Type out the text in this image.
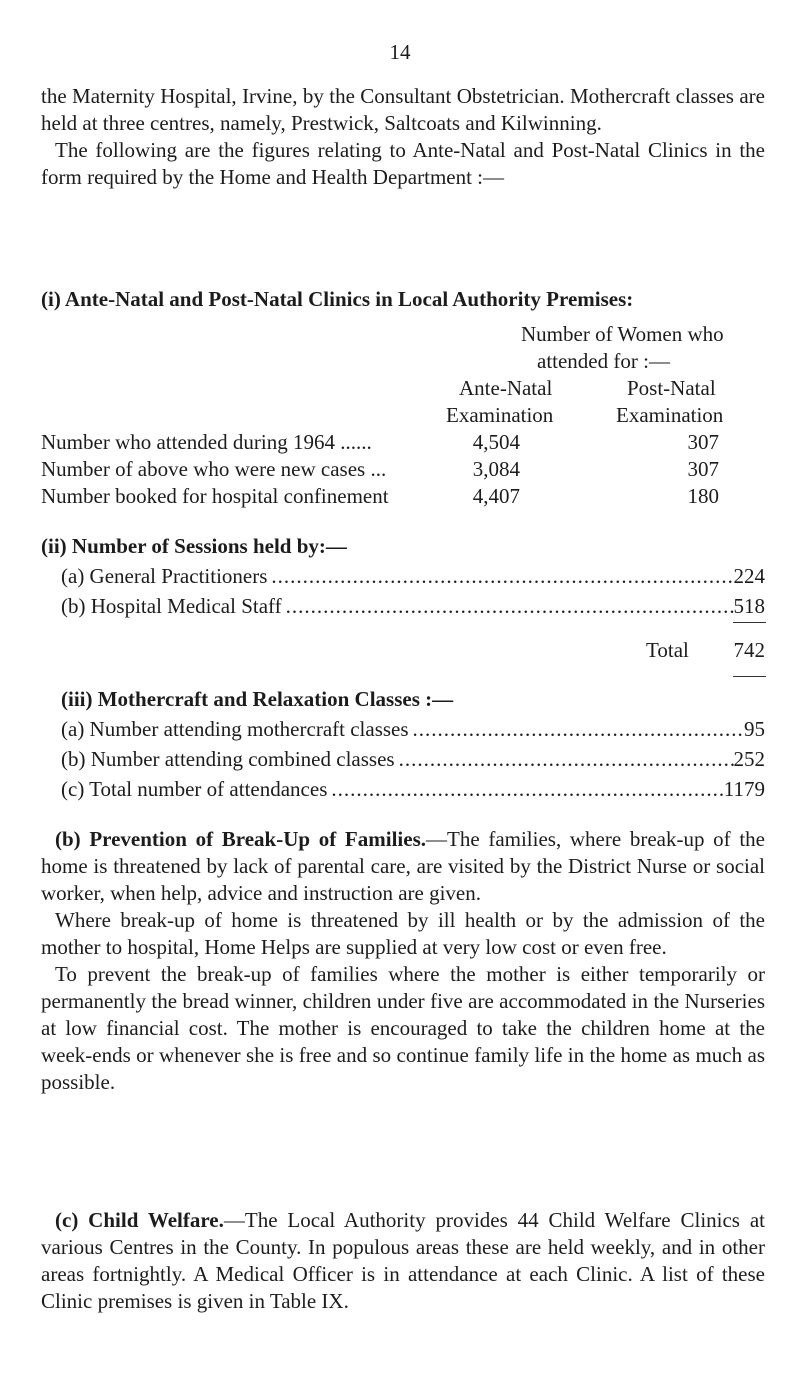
14

the Maternity Hospital, Irvine, by the Consultant Obstetrician. Mothercraft classes are held at three centres, namely, Prestwick, Saltcoats and Kilwinning.

The following are the figures relating to Ante-Natal and Post-Natal Clinics in the form required by the Home and Health Department :—

(i) Ante-Natal and Post-Natal Clinics in Local Authority Premises:

Number of Women who
attended for :—
Ante-Natal	Post-Natal
Examination	Examination
Number who attended during 1964 ......	4,504	307
Number of above who were new cases ...	3,084	307
Number booked for hospital confinement	4,407	180

(ii) Number of Sessions held by:—

(a) General Practitioners .....	224
(b) Hospital Medical Staff .....	518
Total	742

(iii) Mothercraft and Relaxation Classes :—

(a) Number attending mothercraft classes .....	95
(b) Number attending combined classes .....	252
(c) Total number of attendances .....	1179

(b) Prevention of Break-Up of Families.—The families, where break-up of the home is threatened by lack of parental care, are visited by the District Nurse or social worker, when help, advice and instruction are given.

Where break-up of home is threatened by ill health or by the admission of the mother to hospital, Home Helps are supplied at very low cost or even free.

To prevent the break-up of families where the mother is either temporarily or permanently the bread winner, children under five are accommodated in the Nurseries at low financial cost. The mother is encouraged to take the children home at the week-ends or whenever she is free and so continue family life in the home as much as possible.

(c) Child Welfare.—The Local Authority provides 44 Child Welfare Clinics at various Centres in the County. In populous areas these are held weekly, and in other areas fortnightly. A Medical Officer is in attendance at each Clinic. A list of these Clinic premises is given in Table IX.
